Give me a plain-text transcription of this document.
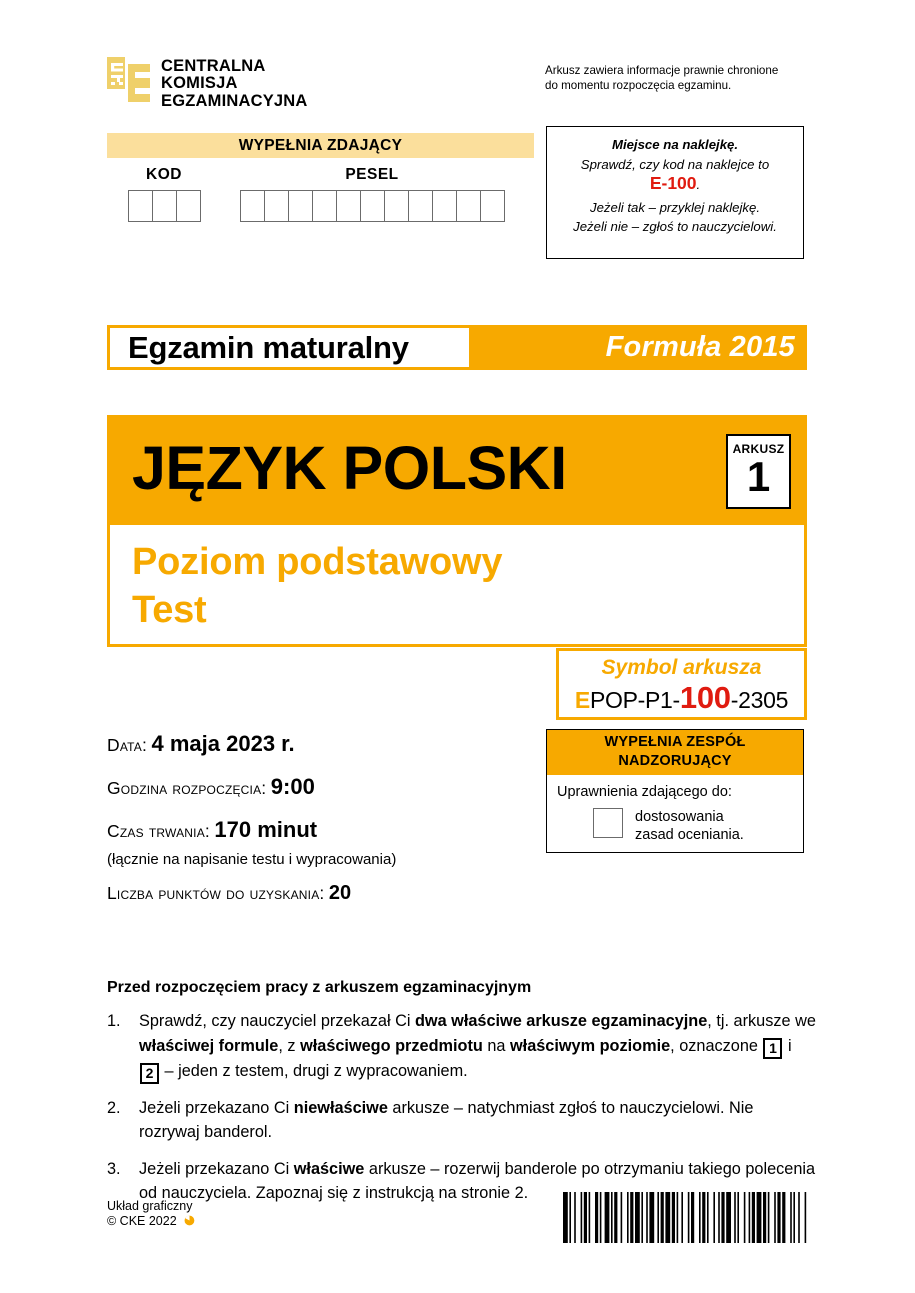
CENTRALNA
KOMISJA
EGZAMINACYJNA
Arkusz zawiera informacje prawnie chronione
do momentu rozpoczęcia egzaminu.
WYPEŁNIA ZDAJĄCY
KOD	PESEL
Miejsce na naklejkę.
Sprawdź, czy kod na naklejce to
E-100.
Jeżeli tak – przyklej naklejkę.
Jeżeli nie – zgłoś to nauczycielowi.
Egzamin maturalny	Formuła 2015
JĘZYK POLSKI	ARKUSZ
1
Poziom podstawowy
Test
Symbol arkusza
EPOP-P1-100-2305
Data: 4 maja 2023 r.
Godzina rozpoczęcia: 9:00
Czas trwania: 170 minut
(łącznie na napisanie testu i wypracowania)
Liczba punktów do uzyskania: 20
WYPEŁNIA ZESPÓŁ
NADZORUJĄCY
Uprawnienia zdającego do:
dostosowania
zasad oceniania.
Przed rozpoczęciem pracy z arkuszem egzaminacyjnym
1.	Sprawdź, czy nauczyciel przekazał Ci dwa właściwe arkusze egzaminacyjne, tj. arkusze we właściwej formule, z właściwego przedmiotu na właściwym poziomie, oznaczone 1 i 2 – jeden z testem, drugi z wypracowaniem.
2.	Jeżeli przekazano Ci niewłaściwe arkusze – natychmiast zgłoś to nauczycielowi. Nie rozrywaj banderol.
3.	Jeżeli przekazano Ci właściwe arkusze – rozerwij banderole po otrzymaniu takiego polecenia od nauczyciela. Zapoznaj się z instrukcją na stronie 2.
Układ graficzny
© CKE 2022
